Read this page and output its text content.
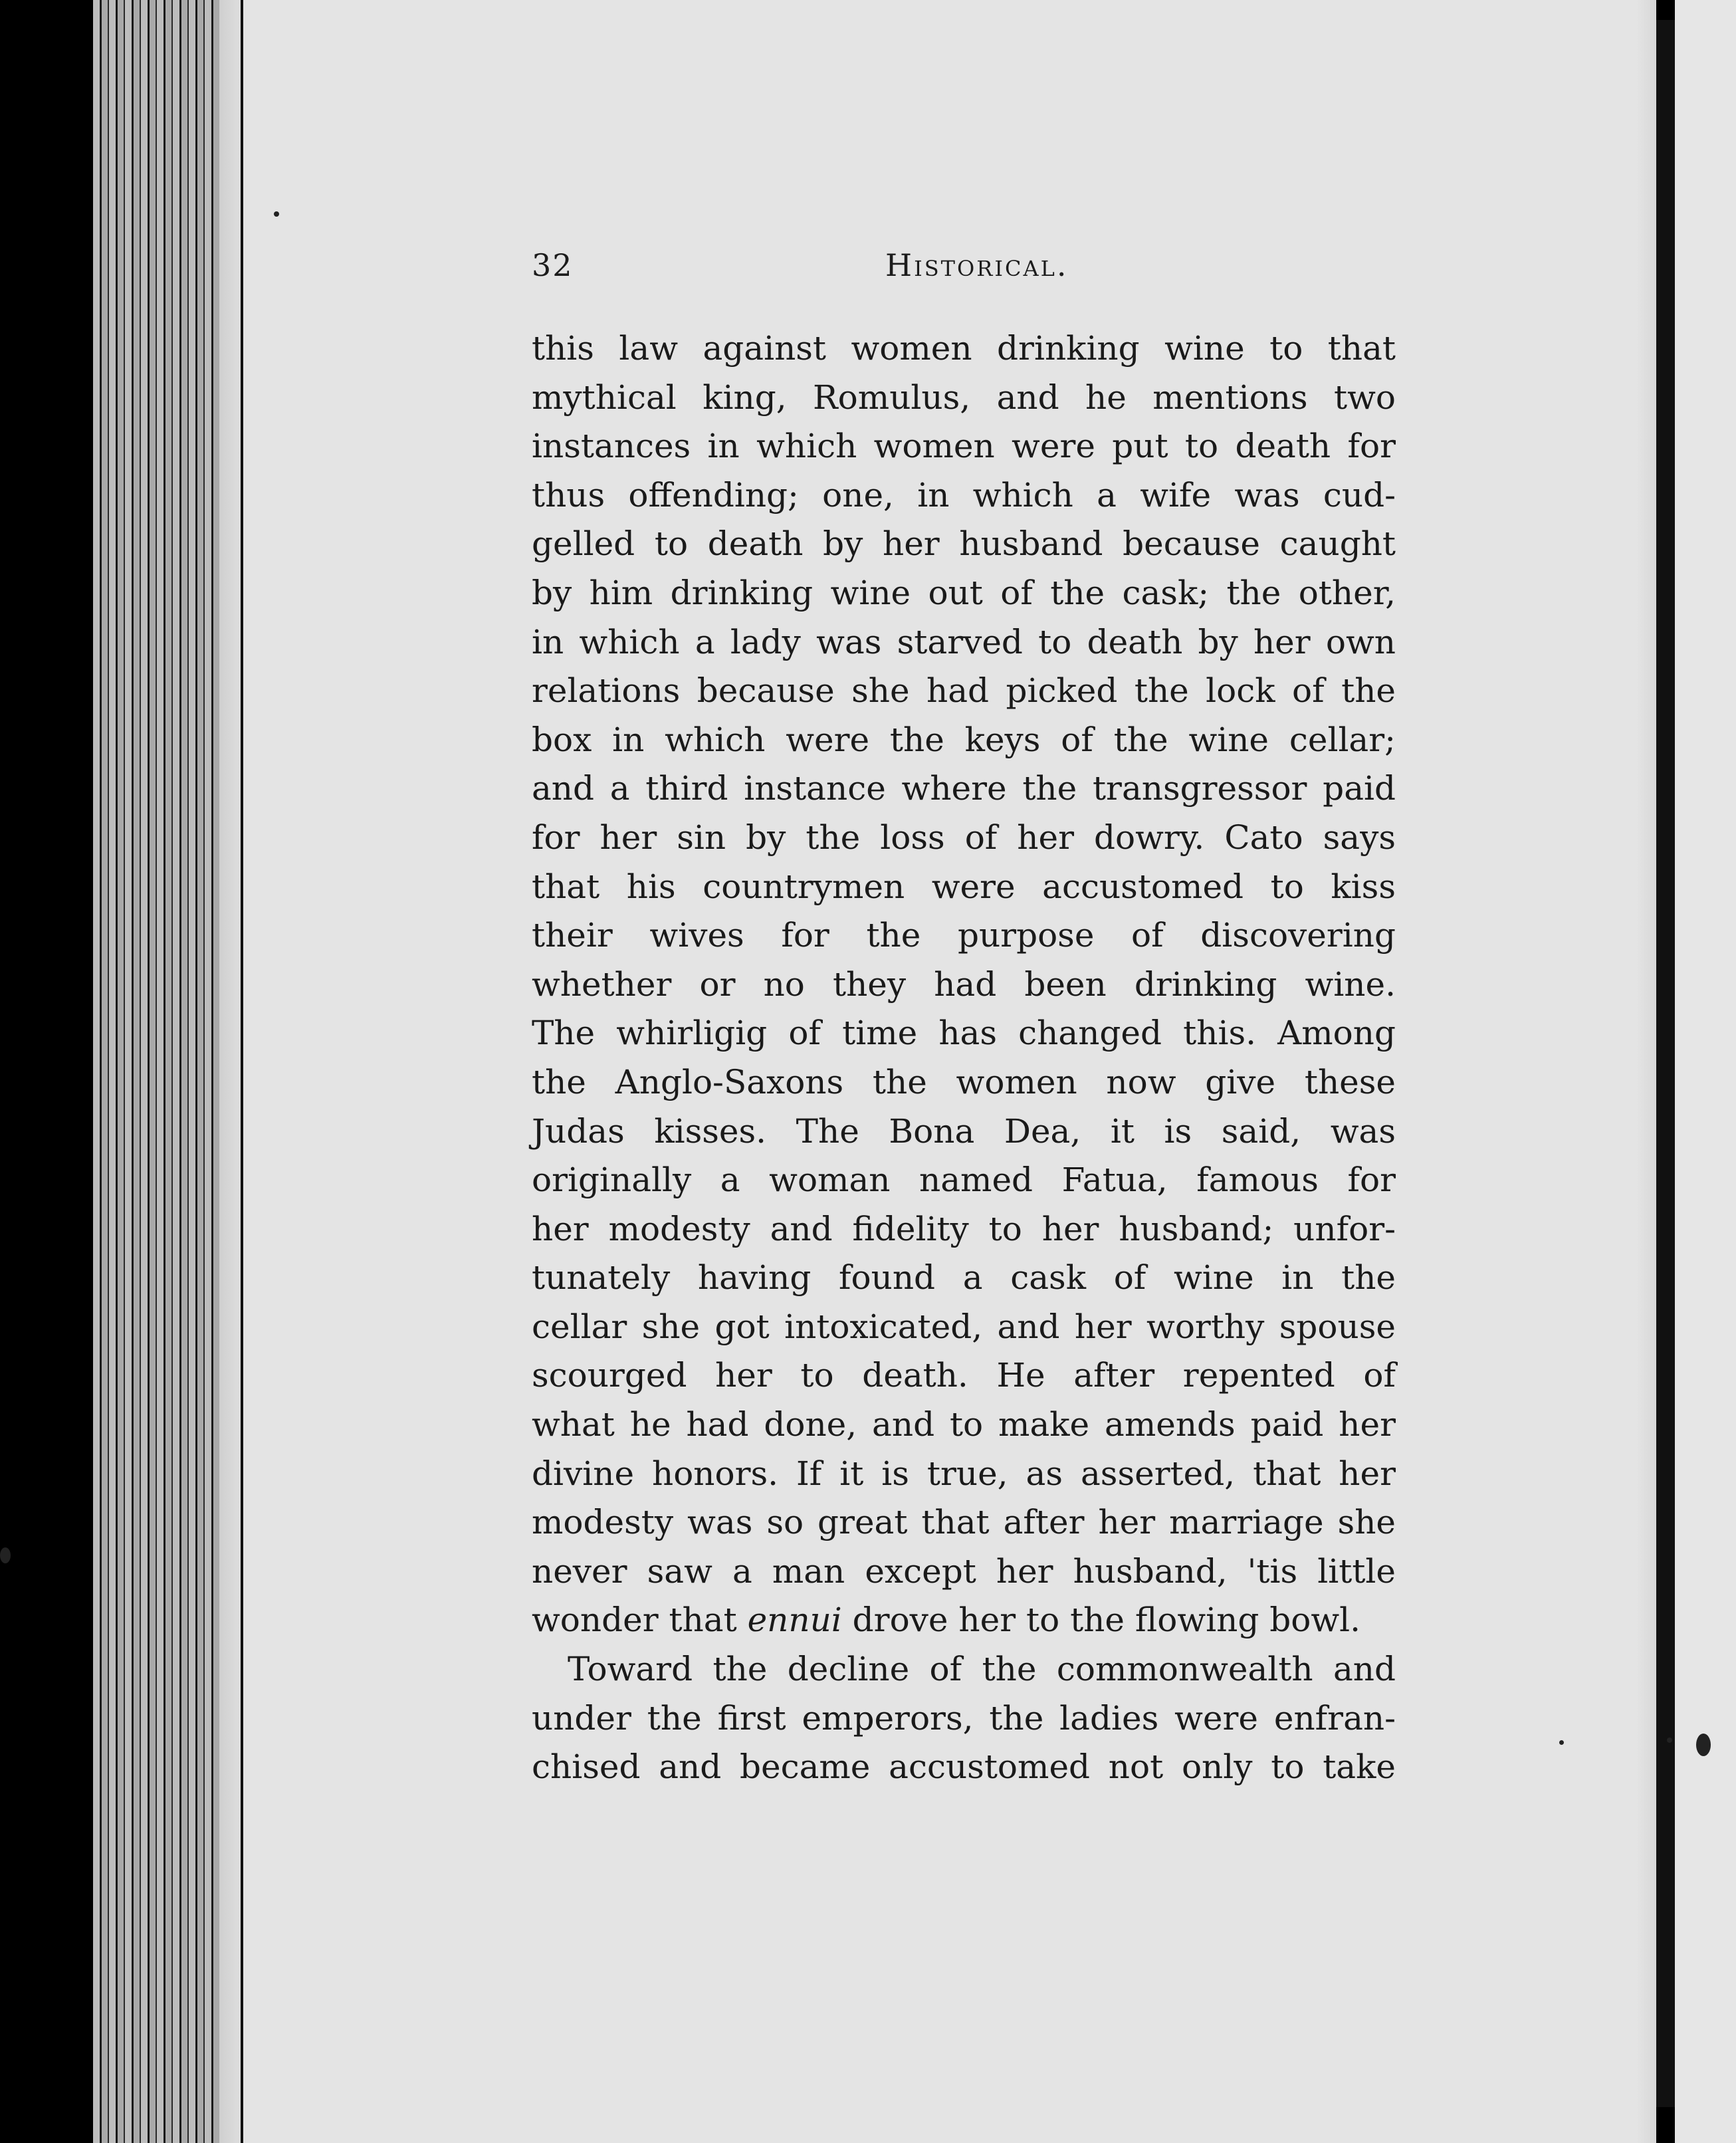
32	Historical.
this law against women drinking wine to that
mythical king, Romulus, and he mentions two
instances in which women were put to death for
thus offending; one, in which a wife was cud-
gelled to death by her husband because caught
by him drinking wine out of the cask; the other,
in which a lady was starved to death by her own
relations because she had picked the lock of the
box in which were the keys of the wine cellar;
and a third instance where the transgressor paid
for her sin by the loss of her dowry. Cato says
that his countrymen were accustomed to kiss
their wives for the purpose of discovering
whether or no they had been drinking wine.
The whirligig of time has changed this. Among
the Anglo-Saxons the women now give these
Judas kisses. The Bona Dea, it is said, was
originally a woman named Fatua, famous for
her modesty and fidelity to her husband; unfor-
tunately having found a cask of wine in the
cellar she got intoxicated, and her worthy spouse
scourged her to death. He after repented of
what he had done, and to make amends paid her
divine honors. If it is true, as asserted, that her
modesty was so great that after her marriage she
never saw a man except her husband, 'tis little
wonder that ennui drove her to the flowing bowl.
Toward the decline of the commonwealth and
under the first emperors, the ladies were enfran-
chised and became accustomed not only to take
